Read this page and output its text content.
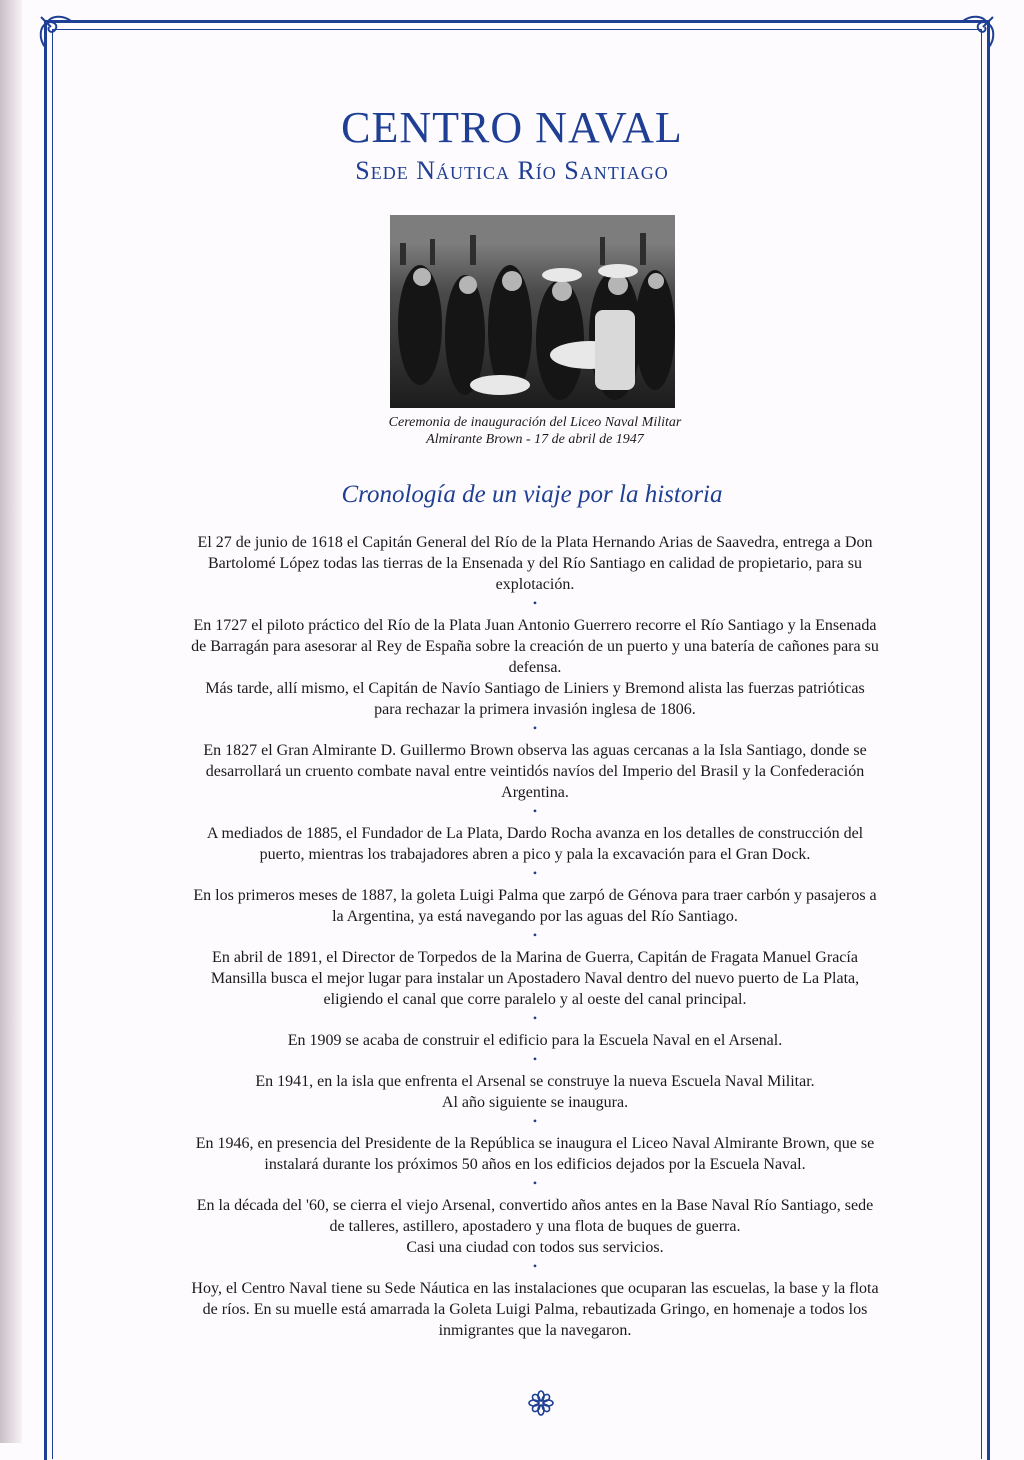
CENTRO NAVAL
Sede Náutica Río Santiago
Ceremonia de inauguración del Liceo Naval Militar
Almirante Brown - 17 de abril de 1947
Cronología de un viaje por la historia

El 27 de junio de 1618 el Capitán General del Río de la Plata Hernando Arias de Saavedra, entrega a Don Bartolomé López todas las tierras de la Ensenada y del Río Santiago en calidad de propietario, para su explotación.

•

En 1727 el piloto práctico del Río de la Plata Juan Antonio Guerrero recorre el Río Santiago y la Ensenada de Barragán para asesorar al Rey de España sobre la creación de un puerto y una batería de cañones para su defensa.

Más tarde, allí mismo, el Capitán de Navío Santiago de Liniers y Bremond alista las fuerzas patrióticas para rechazar la primera invasión inglesa de 1806.

•

En 1827 el Gran Almirante D. Guillermo Brown observa las aguas cercanas a la Isla Santiago, donde se desarrollará un cruento combate naval entre veintidós navíos del Imperio del Brasil y la Confederación Argentina.

•

A mediados de 1885, el Fundador de La Plata, Dardo Rocha avanza en los detalles de construcción del puerto, mientras los trabajadores abren a pico y pala la excavación para el Gran Dock.

•

En los primeros meses de 1887, la goleta Luigi Palma que zarpó de Génova para traer carbón y pasajeros a la Argentina, ya está navegando por las aguas del Río Santiago.

•

En abril de 1891, el Director de Torpedos de la Marina de Guerra, Capitán de Fragata Manuel Gracía Mansilla busca el mejor lugar para instalar un Apostadero Naval dentro del nuevo puerto de La Plata, eligiendo el canal que corre paralelo y al oeste del canal principal.

•

En 1909 se acaba de construir el edificio para la Escuela Naval en el Arsenal.

•

En 1941, en la isla que enfrenta el Arsenal se construye la nueva Escuela Naval Militar.

Al año siguiente se inaugura.

•

En 1946, en presencia del Presidente de la República se inaugura el Liceo Naval Almirante Brown, que se instalará durante los próximos 50 años en los edificios dejados por la Escuela Naval.

•

En la década del '60, se cierra el viejo Arsenal, convertido años antes en la Base Naval Río Santiago, sede de talleres, astillero, apostadero y una flota de buques de guerra.

Casi una ciudad con todos sus servicios.

•

Hoy, el Centro Naval tiene su Sede Náutica en las instalaciones que ocuparan las escuelas, la base y la flota de ríos. En su muelle está amarrada la Goleta Luigi Palma, rebautizada Gringo, en homenaje a todos los inmigrantes que la navegaron.
